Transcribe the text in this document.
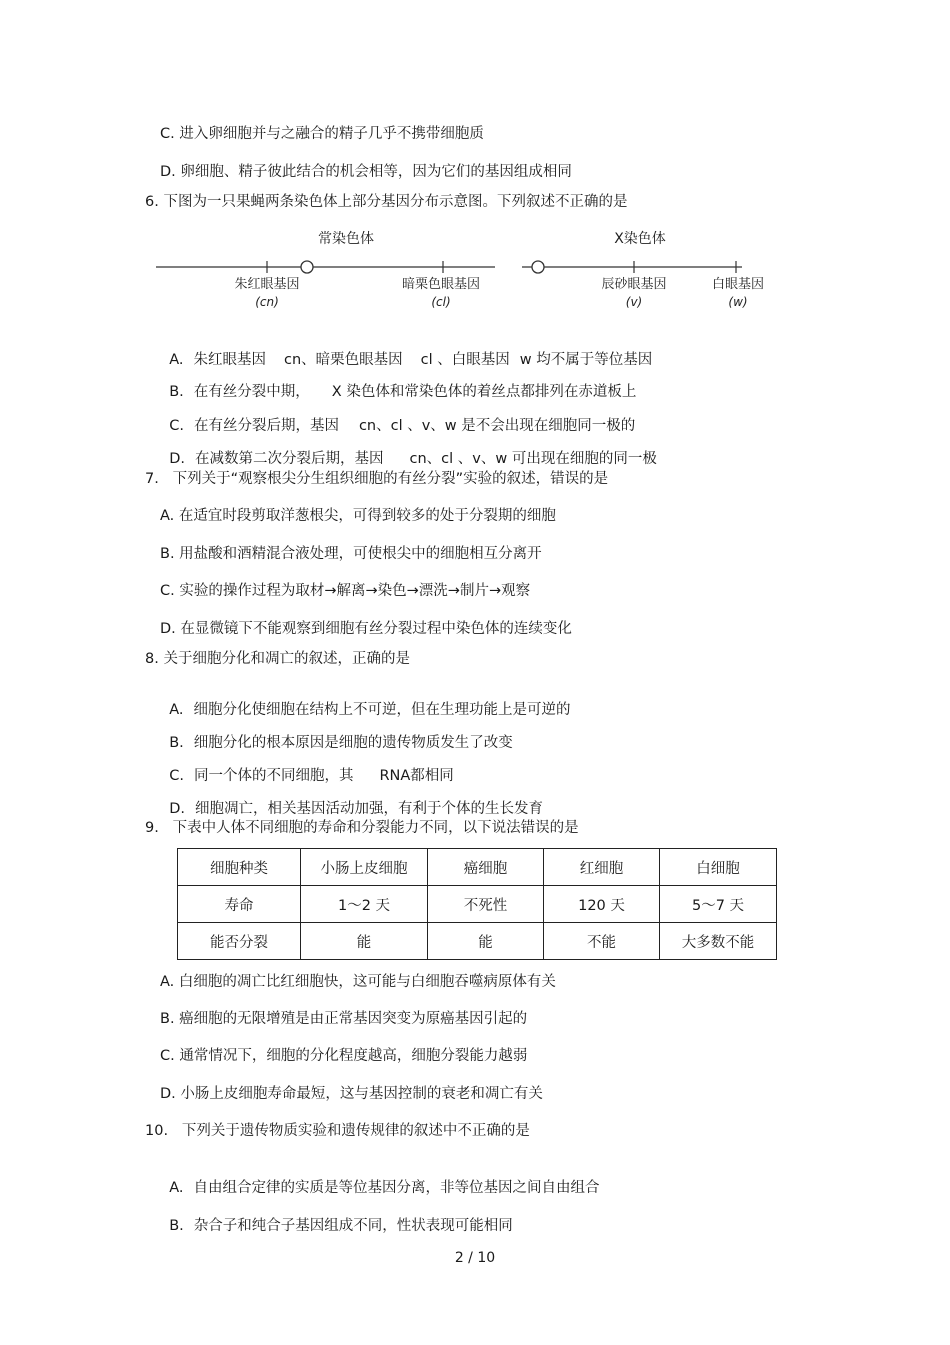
C. 进入卵细胞并与之融合的精子几乎不携带细胞质
D. 卵细胞、精子彼此结合的机会相等，因为它们的基因组成相同
6. 下图为一只果蝇两条染色体上部分基因分布示意图。下列叙述不正确的是
常染色体	X染色体
朱红眼基因
(cn)
暗栗色眼基因
(cl)
辰砂眼基因
(v)
白眼基因
(w)

A. 朱红眼基因 cn、暗栗色眼基因 cl 、白眼基因 w 均不属于等位基因

B. 在有丝分裂中期， X 染色体和常染色体的着丝点都排列在赤道板上

C. 在有丝分裂后期，基因 cn、cl 、v、w 是不会出现在细胞同一极的

D. 在减数第二次分裂后期，基因 cn、cl 、v、w 可出现在细胞的同一极

7.   下列关于“观察根尖分生组织细胞的有丝分裂”实验的叙述，错误的是
A. 在适宜时段剪取洋葱根尖，可得到较多的处于分裂期的细胞
B. 用盐酸和酒精混合液处理，可使根尖中的细胞相互分离开
C. 实验的操作过程为取材→解离→染色→漂洗→制片→观察
D. 在显微镜下不能观察到细胞有丝分裂过程中染色体的连续变化
8. 关于细胞分化和凋亡的叙述，正确的是

A. 细胞分化使细胞在结构上不可逆，但在生理功能上是可逆的

B. 细胞分化的根本原因是细胞的遗传物质发生了改变

C. 同一个体的不同细胞，其 RNA都相同

D. 细胞凋亡，相关基因活动加强，有利于个体的生长发育

9.   下表中人体不同细胞的寿命和分裂能力不同，以下说法错误的是
细胞种类	小肠上皮细胞	癌细胞	红细胞	白细胞
寿命	1～2 天	不死性	120 天	5～7 天
能否分裂	能	能	不能	大多数不能
A. 白细胞的凋亡比红细胞快，这可能与白细胞吞噬病原体有关
B. 癌细胞的无限增殖是由正常基因突变为原癌基因引起的
C. 通常情况下，细胞的分化程度越高，细胞分裂能力越弱
D. 小肠上皮细胞寿命最短，这与基因控制的衰老和凋亡有关
10.   下列关于遗传物质实验和遗传规律的叙述中不正确的是

A. 自由组合定律的实质是等位基因分离，非等位基因之间自由组合

B. 杂合子和纯合子基因组成不同，性状表现可能相同

2 / 10
